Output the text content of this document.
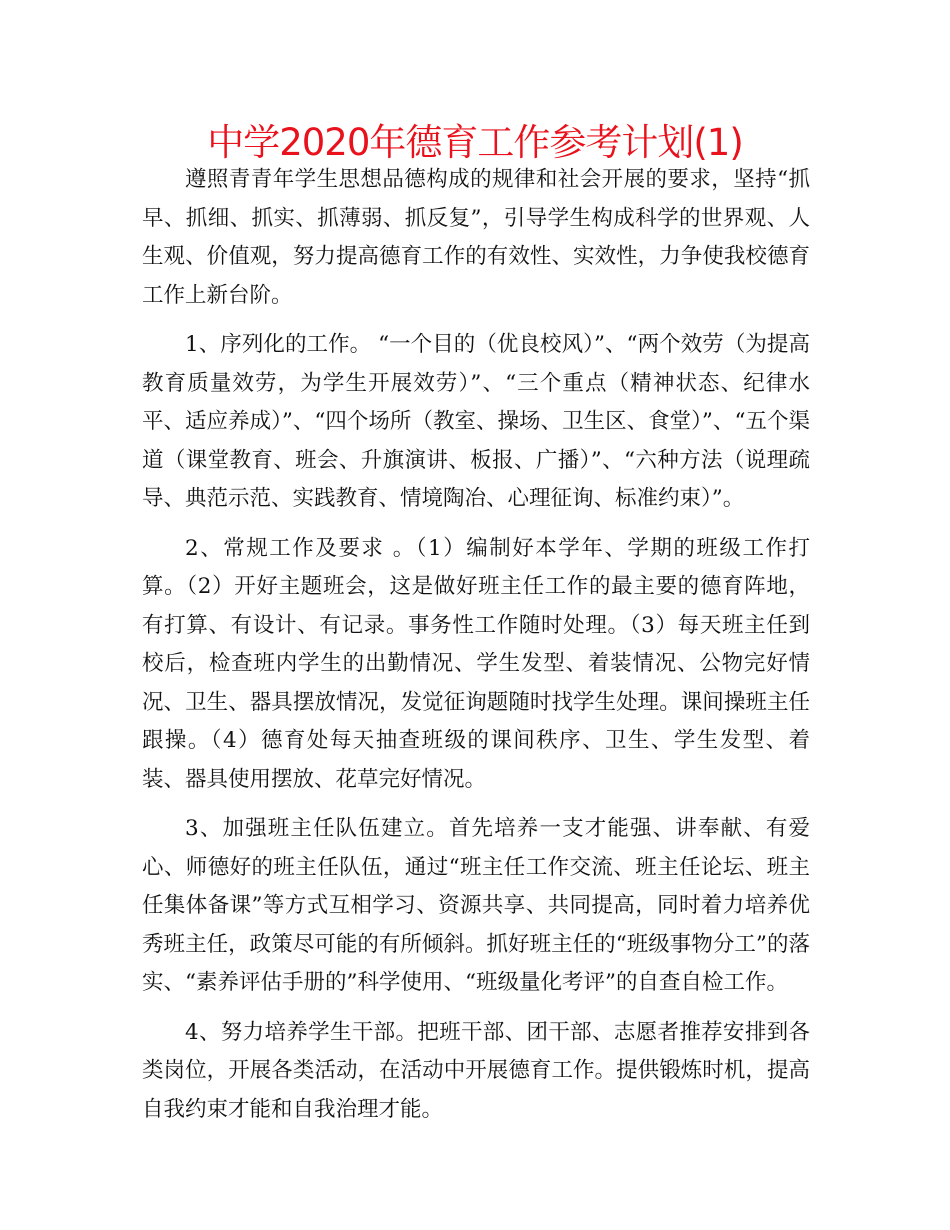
中学2020年德育工作参考计划(1)

遵照青青年学生思想品德构成的规律和社会开展的要求，坚持“抓早、抓细、抓实、抓薄弱、抓反复”，引导学生构成科学的世界观、人生观、价值观，努力提高德育工作的有效性、实效性，力争使我校德育工作上新台阶。

1、序列化的工作。 “一个目的（优良校风）”、“两个效劳（为提高教育质量效劳，为学生开展效劳）”、“三个重点（精神状态、纪律水平、适应养成）”、“四个场所（教室、操场、卫生区、食堂）”、“五个渠道（课堂教育、班会、升旗演讲、板报、广播）”、“六种方法（说理疏导、典范示范、实践教育、情境陶冶、心理征询、标准约束）”。

2、常规工作及要求 。（1）编制好本学年、学期的班级工作打算。（2）开好主题班会，这是做好班主任工作的最主要的德育阵地，有打算、有设计、有记录。事务性工作随时处理。（3）每天班主任到校后，检查班内学生的出勤情况、学生发型、着装情况、公物完好情况、卫生、器具摆放情况，发觉征询题随时找学生处理。课间操班主任跟操。（4）德育处每天抽查班级的课间秩序、卫生、学生发型、着装、器具使用摆放、花草完好情况。

3、加强班主任队伍建立。首先培养一支才能强、讲奉献、有爱心、师德好的班主任队伍，通过“班主任工作交流、班主任论坛、班主任集体备课”等方式互相学习、资源共享、共同提高，同时着力培养优秀班主任，政策尽可能的有所倾斜。抓好班主任的“班级事物分工”的落实、“素养评估手册的”科学使用、“班级量化考评”的自查自检工作。

4、努力培养学生干部。把班干部、团干部、志愿者推荐安排到各类岗位，开展各类活动，在活动中开展德育工作。提供锻炼时机，提高自我约束才能和自我治理才能。
